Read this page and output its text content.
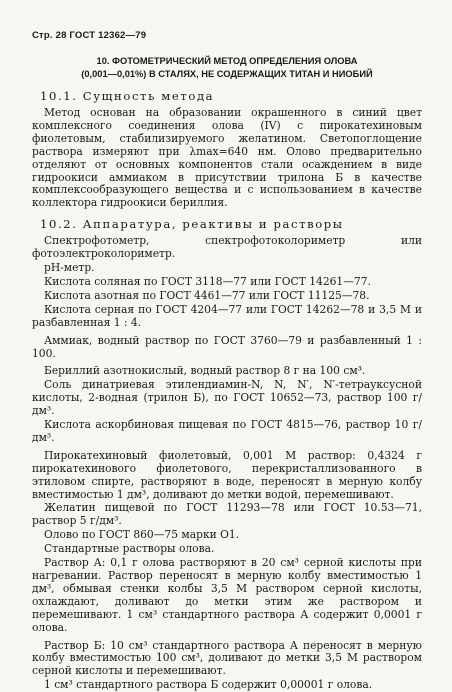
Стр. 28 ГОСТ 12362—79
10. ФОТОМЕТРИЧЕСКИЙ МЕТОД ОПРЕДЕЛЕНИЯ ОЛОВА
(0,001—0,01%) В СТАЛЯХ, НЕ СОДЕРЖАЩИХ ТИТАН И НИОБИЙ
10.1. Сущность метода

Метод основан на образовании окрашенного в синий цвет комплексного соединения олова (IV) с пирокатехиновым фиолетовым, стабилизируемого желатином. Светопоглощение раствора измеряют при λmax=640 нм. Олово предварительно отделяют от основных компонентов стали осаждением в виде гидроокиси аммиаком в присутствии трилона Б в качестве комплексообразующего вещества и с использованием в качестве коллектора гидроокиси бериллия.

10.2. Аппаратура, реактивы и растворы

Спектрофотометр, спектрофотоколориметр или фотоэлектроколориметр.

рН-метр.

Кислота соляная по ГОСТ 3118—77 или ГОСТ 14261—77.

Кислота азотная по ГОСТ 4461—77 или ГОСТ 11125—78.

Кислота серная по ГОСТ 4204—77 или ГОСТ 14262—78 и 3,5 М и разбавленная 1 : 4.

Аммиак, водный раствор по ГОСТ 3760—79 и разбавленный 1 : 100.

Бериллий азотнокислый, водный раствор 8 г на 100 см³.

Соль динатриевая этилендиамин-N, N, N′, N′-тетрауксусной кислоты, 2-водная (трилон Б), по ГОСТ 10652—73, раствор 100 г/дм³.

Кислота аскорбиновая пищевая по ГОСТ 4815—76, раствор 10 г/дм³.

Пирокатехиновый фиолетовый, 0,001 М раствор: 0,4324 г пирокатехинового фиолетового, перекристаллизованного в этиловом спирте, растворяют в воде, переносят в мерную колбу вместимостью 1 дм³, доливают до метки водой, перемешивают.

Желатин пищевой по ГОСТ 11293—78 или ГОСТ 10.53—71, раствор 5 г/дм³.

Олово по ГОСТ 860—75 марки О1.

Стандартные растворы олова.

Раствор А: 0,1 г олова растворяют в 20 см³ серной кислоты при нагревании. Раствор переносят в мерную колбу вместимостью 1 дм³, обмывая стенки колбы 3,5 М раствором серной кислоты, охлаждают, доливают до метки этим же раствором и перемешивают. 1 см³ стандартного раствора А содержит 0,0001 г олова.

Раствор Б: 10 см³ стандартного раствора А переносят в мерную колбу вместимостью 100 см³, доливают до метки 3,5 М раствором серной кислоты и перемешивают.

1 см³ стандартного раствора Б содержит 0,00001 г олова.
